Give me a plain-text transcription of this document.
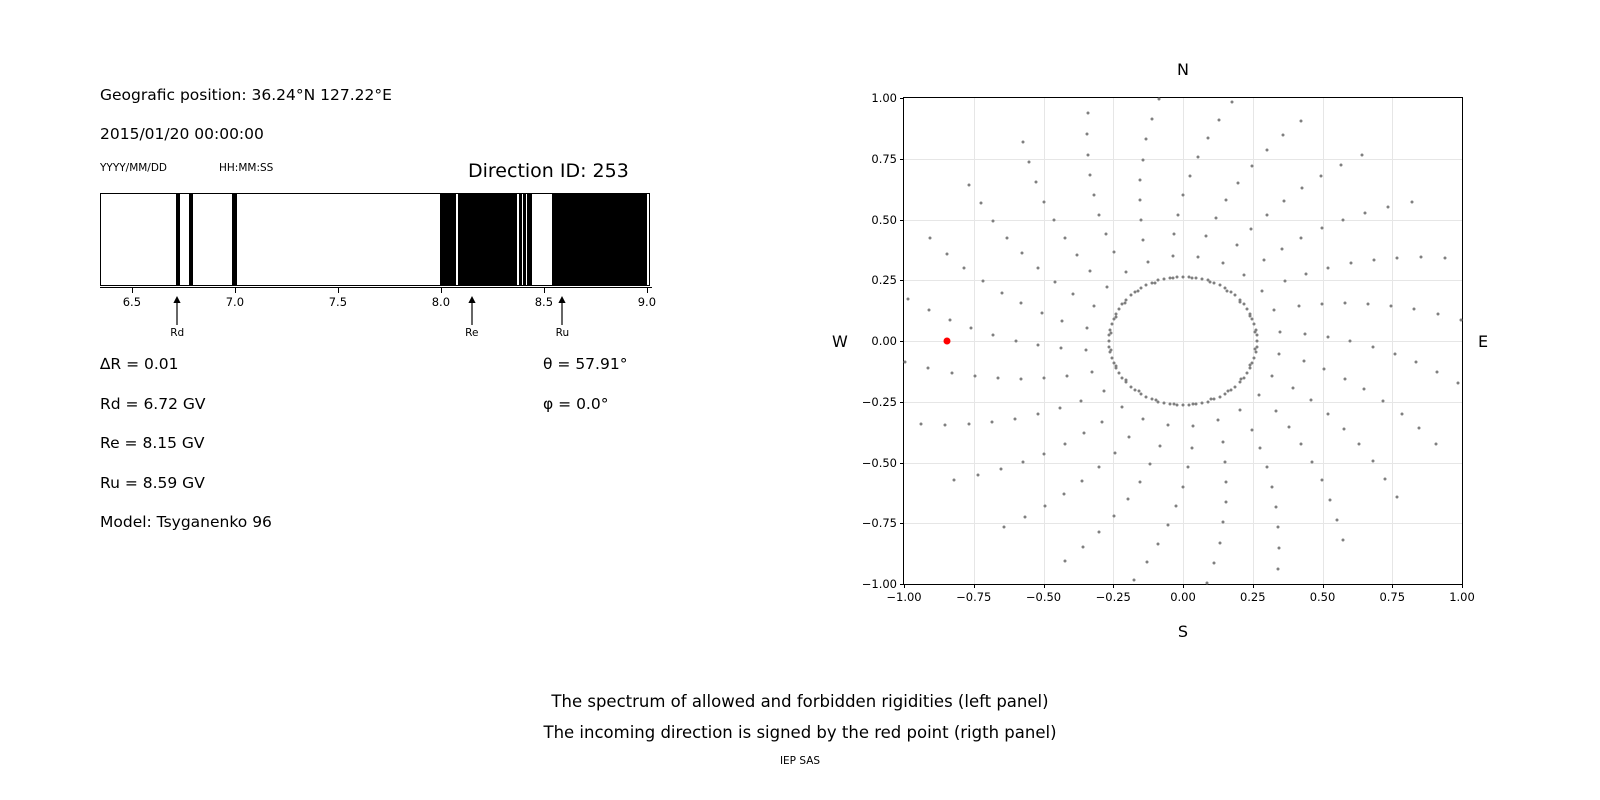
Geografic position: 36.24°N 127.22°E
2015/01/20 00:00:00
YYYY/MM/DD	HH:MM:SS	Direction ID: 253
6.5	7.0	7.5	8.0	8.5	9.0
Rd	Re	Ru
∆R = 0.01
Rd = 6.72 GV
Re = 8.15 GV
Ru = 8.59 GV
Model: Tsyganenko 96
θ = 57.91°
φ = 0.0°
N
S
W	E
−1.00	−0.75	−0.50	−0.25	0.00	0.25	0.50	0.75	1.00
−1.00
−0.75
−0.50
−0.25
0.00
0.25
0.50
0.75
1.00
The spectrum of allowed and forbidden rigidities (left panel)
The incoming direction is signed by the red point (rigth panel)
IEP SAS
